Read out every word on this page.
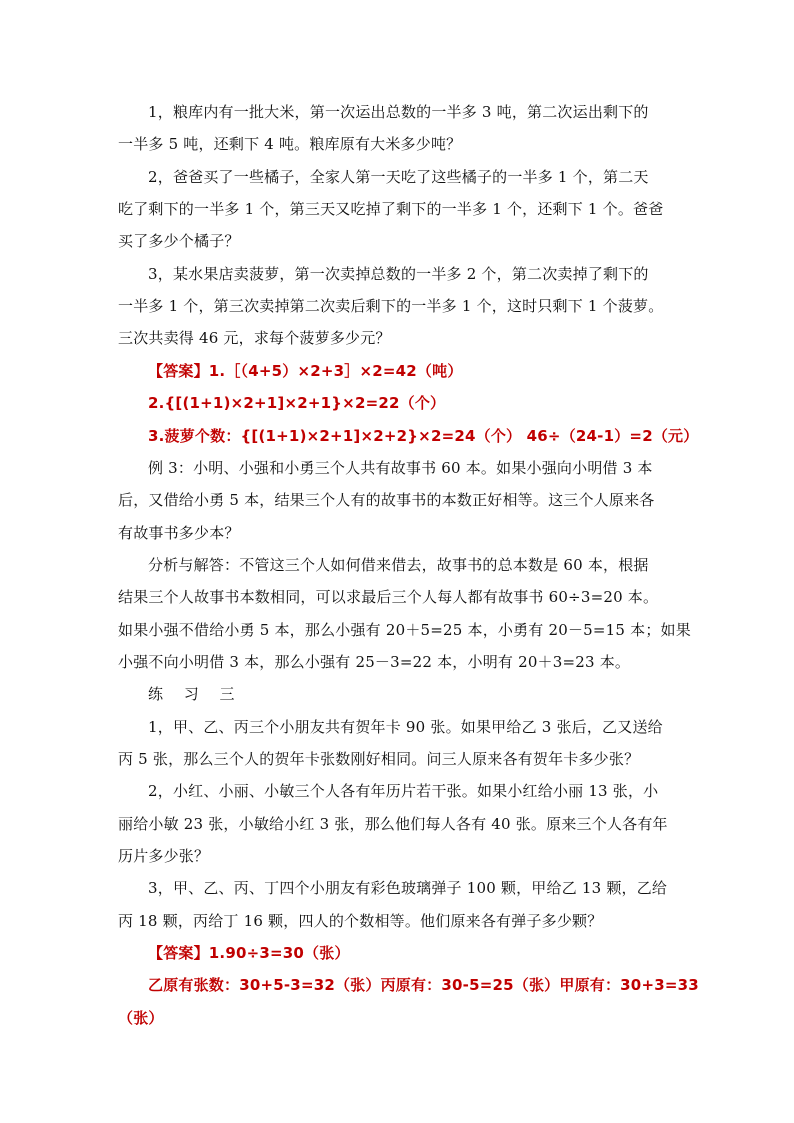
1，粮库内有一批大米，第一次运出总数的一半多 3 吨，第二次运出剩下的
一半多 5 吨，还剩下 4 吨。粮库原有大米多少吨？
2，爸爸买了一些橘子，全家人第一天吃了这些橘子的一半多 1 个，第二天
吃了剩下的一半多 1 个，第三天又吃掉了剩下的一半多 1 个，还剩下 1 个。爸爸
买了多少个橘子？
3，某水果店卖菠萝，第一次卖掉总数的一半多 2 个，第二次卖掉了剩下的
一半多 1 个，第三次卖掉第二次卖后剩下的一半多 1 个，这时只剩下 1 个菠萝。
三次共卖得 46 元，求每个菠萝多少元？
【答案】1.［（4+5）×2+3］×2=42（吨）
2.{[(1+1)×2+1]×2+1}×2=22（个）
3.菠萝个数：{[(1+1)×2+1]×2+2}×2=24（个） 46÷（24-1）=2（元）
例 3：小明、小强和小勇三个人共有故事书 60 本。如果小强向小明借 3 本
后，又借给小勇 5 本，结果三个人有的故事书的本数正好相等。这三个人原来各
有故事书多少本？
分析与解答：不管这三个人如何借来借去，故事书的总本数是 60 本，根据
结果三个人故事书本数相同，可以求最后三个人每人都有故事书 60÷3=20 本。
如果小强不借给小勇 5 本，那么小强有 20＋5=25 本，小勇有 20－5=15 本；如果
小强不向小明借 3 本，那么小强有 25－3=22 本，小明有 20＋3=23 本。
练 习 三
1，甲、乙、丙三个小朋友共有贺年卡 90 张。如果甲给乙 3 张后，乙又送给
丙 5 张，那么三个人的贺年卡张数刚好相同。问三人原来各有贺年卡多少张？
2，小红、小丽、小敏三个人各有年历片若干张。如果小红给小丽 13 张，小
丽给小敏 23 张，小敏给小红 3 张，那么他们每人各有 40 张。原来三个人各有年
历片多少张？
3，甲、乙、丙、丁四个小朋友有彩色玻璃弹子 100 颗，甲给乙 13 颗，乙给
丙 18 颗，丙给丁 16 颗，四人的个数相等。他们原来各有弹子多少颗？
【答案】1.90÷3=30（张）
乙原有张数：30+5-3=32（张）丙原有：30-5=25（张）甲原有：30+3=33
（张）
